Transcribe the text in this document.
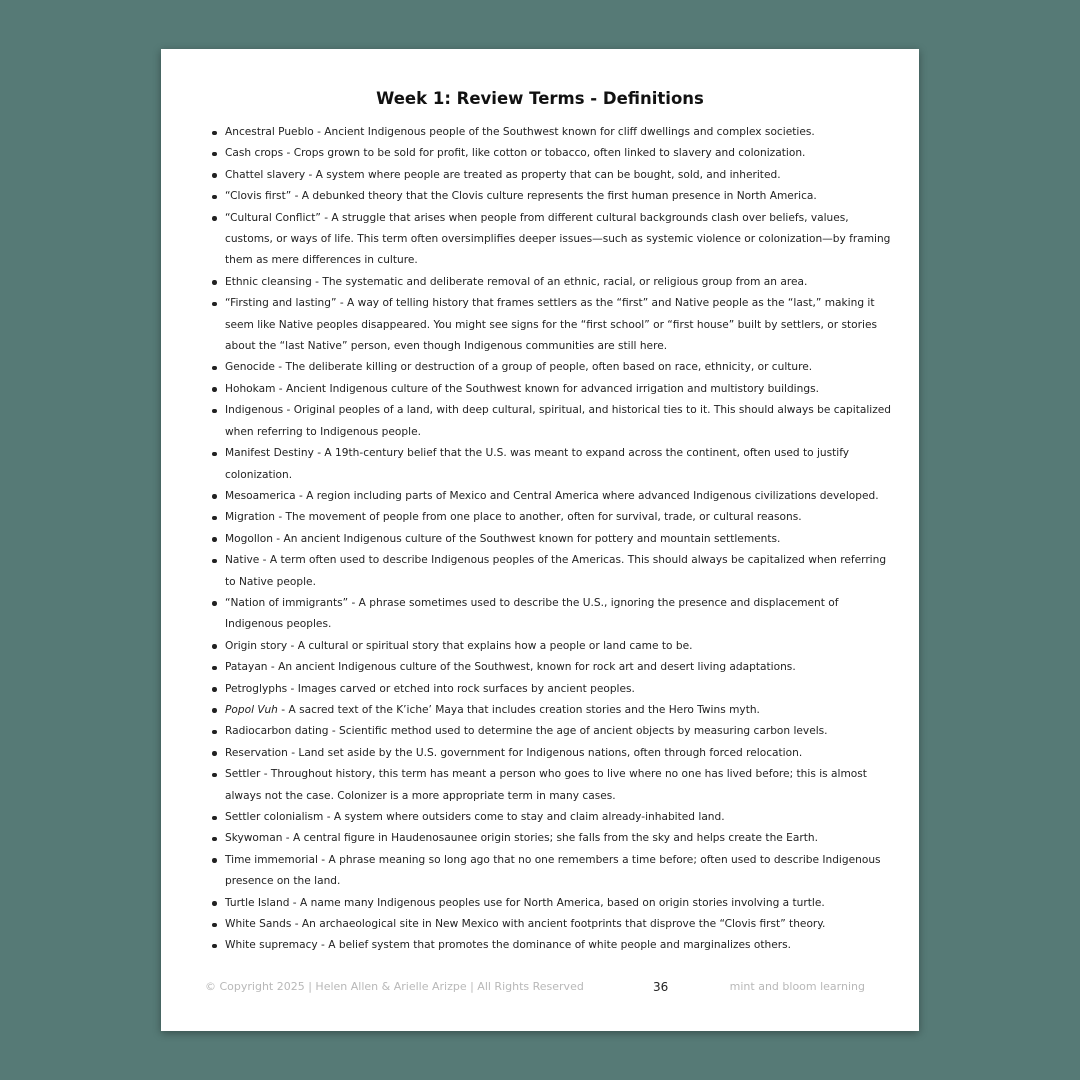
Week 1: Review Terms - Definitions
Ancestral Pueblo - Ancient Indigenous people of the Southwest known for cliff dwellings and complex societies.
Cash crops - Crops grown to be sold for profit, like cotton or tobacco, often linked to slavery and colonization.
Chattel slavery - A system where people are treated as property that can be bought, sold, and inherited.
“Clovis first” - A debunked theory that the Clovis culture represents the first human presence in North America.
“Cultural Conflict” - A struggle that arises when people from different cultural backgrounds clash over beliefs, values, customs, or ways of life. This term often oversimplifies deeper issues—such as systemic violence or colonization—by framing them as mere differences in culture.
Ethnic cleansing - The systematic and deliberate removal of an ethnic, racial, or religious group from an area.
“Firsting and lasting” - A way of telling history that frames settlers as the “first” and Native people as the “last,” making it seem like Native peoples disappeared. You might see signs for the “first school” or “first house” built by settlers, or stories about the “last Native” person, even though Indigenous communities are still here.
Genocide - The deliberate killing or destruction of a group of people, often based on race, ethnicity, or culture.
Hohokam - Ancient Indigenous culture of the Southwest known for advanced irrigation and multistory buildings.
Indigenous - Original peoples of a land, with deep cultural, spiritual, and historical ties to it. This should always be capitalized when referring to Indigenous people.
Manifest Destiny - A 19th-century belief that the U.S. was meant to expand across the continent, often used to justify colonization.
Mesoamerica - A region including parts of Mexico and Central America where advanced Indigenous civilizations developed.
Migration - The movement of people from one place to another, often for survival, trade, or cultural reasons.
Mogollon - An ancient Indigenous culture of the Southwest known for pottery and mountain settlements.
Native - A term often used to describe Indigenous peoples of the Americas. This should always be capitalized when referring to Native people.
“Nation of immigrants” - A phrase sometimes used to describe the U.S., ignoring the presence and displacement of Indigenous peoples.
Origin story - A cultural or spiritual story that explains how a people or land came to be.
Patayan - An ancient Indigenous culture of the Southwest, known for rock art and desert living adaptations.
Petroglyphs - Images carved or etched into rock surfaces by ancient peoples.
Popol Vuh - A sacred text of the K’iche’ Maya that includes creation stories and the Hero Twins myth.
Radiocarbon dating - Scientific method used to determine the age of ancient objects by measuring carbon levels.
Reservation - Land set aside by the U.S. government for Indigenous nations, often through forced relocation.
Settler - Throughout history, this term has meant a person who goes to live where no one has lived before; this is almost always not the case. Colonizer is a more appropriate term in many cases.
Settler colonialism - A system where outsiders come to stay and claim already-inhabited land.
Skywoman - A central figure in Haudenosaunee origin stories; she falls from the sky and helps create the Earth.
Time immemorial - A phrase meaning so long ago that no one remembers a time before; often used to describe Indigenous presence on the land.
Turtle Island - A name many Indigenous peoples use for North America, based on origin stories involving a turtle.
White Sands - An archaeological site in New Mexico with ancient footprints that disprove the “Clovis first” theory.
White supremacy - A belief system that promotes the dominance of white people and marginalizes others.
© Copyright 2025 | Helen Allen & Arielle Arizpe | All Rights Reserved	36	mint and bloom learning
